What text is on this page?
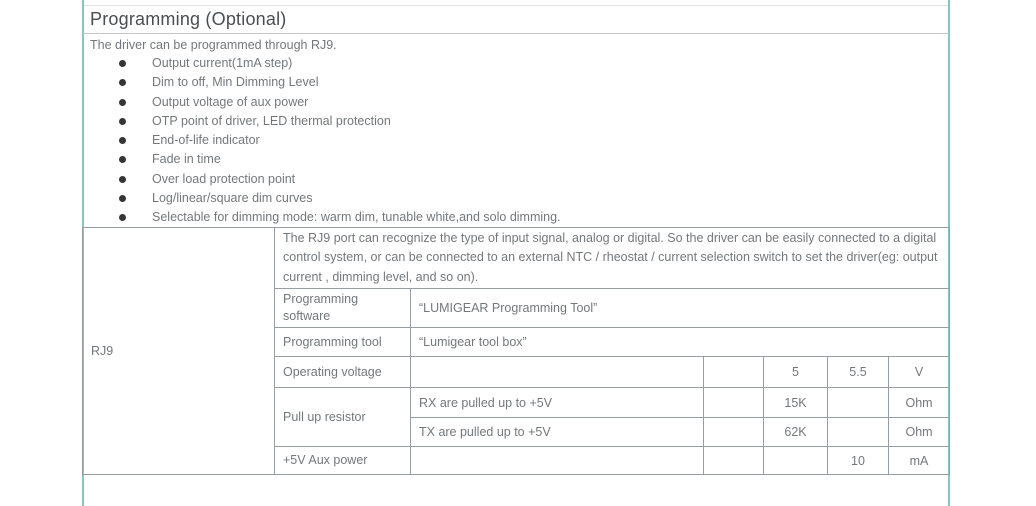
Programming (Optional)
The driver can be programmed through RJ9.
Output current(1mA step)
Dim to off, Min Dimming Level
Output voltage of aux power
OTP point of driver, LED thermal protection
End-of-life indicator
Fade in time
Over load protection point
Log/linear/square dim curves
Selectable for dimming mode: warm dim, tunable white,and solo dimming.
RJ9	The RJ9 port can recognize the type of input signal, analog or digital. So the driver can be easily connected to a digital control system, or can be connected to an external NTC / rheostat / current selection switch to set the driver(eg: output current , dimming level, and so on).					
	Programming software	“LUMIGEAR Programming Tool”				
	Programming tool	“Lumigear tool box”				
	Operating voltage			5	5.5	V
	Pull up resistor	RX are pulled up to +5V		15K		Ohm
		TX are pulled up to +5V		62K		Ohm
	+5V Aux power				10	mA
